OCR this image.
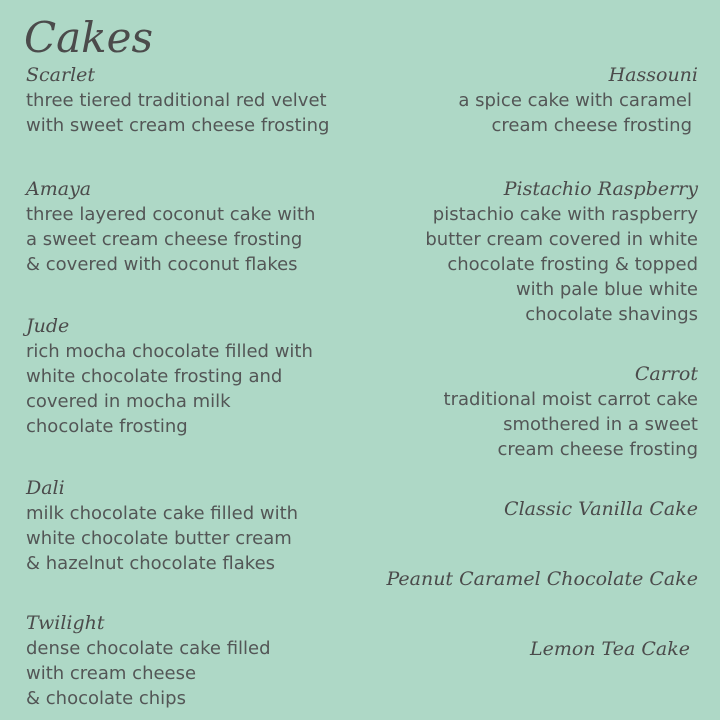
Cakes
Scarlet
three tiered traditional red velvet
with sweet cream cheese frosting
Amaya
three layered coconut cake with
a sweet cream cheese frosting
& covered with coconut flakes
Jude
rich mocha chocolate filled with
white chocolate frosting and
covered in mocha milk
chocolate frosting
Dali
milk chocolate cake filled with
white chocolate butter cream
& hazelnut chocolate flakes
Twilight
dense chocolate cake filled
with cream cheese
& chocolate chips
Hassouni
a spice cake with caramel
cream cheese frosting
Pistachio Raspberry
pistachio cake with raspberry
butter cream covered in white
chocolate frosting & topped
with pale blue white
chocolate shavings
Carrot
traditional moist carrot cake
smothered in a sweet
cream cheese frosting
Classic Vanilla Cake
Peanut Caramel Chocolate Cake
Lemon Tea Cake
